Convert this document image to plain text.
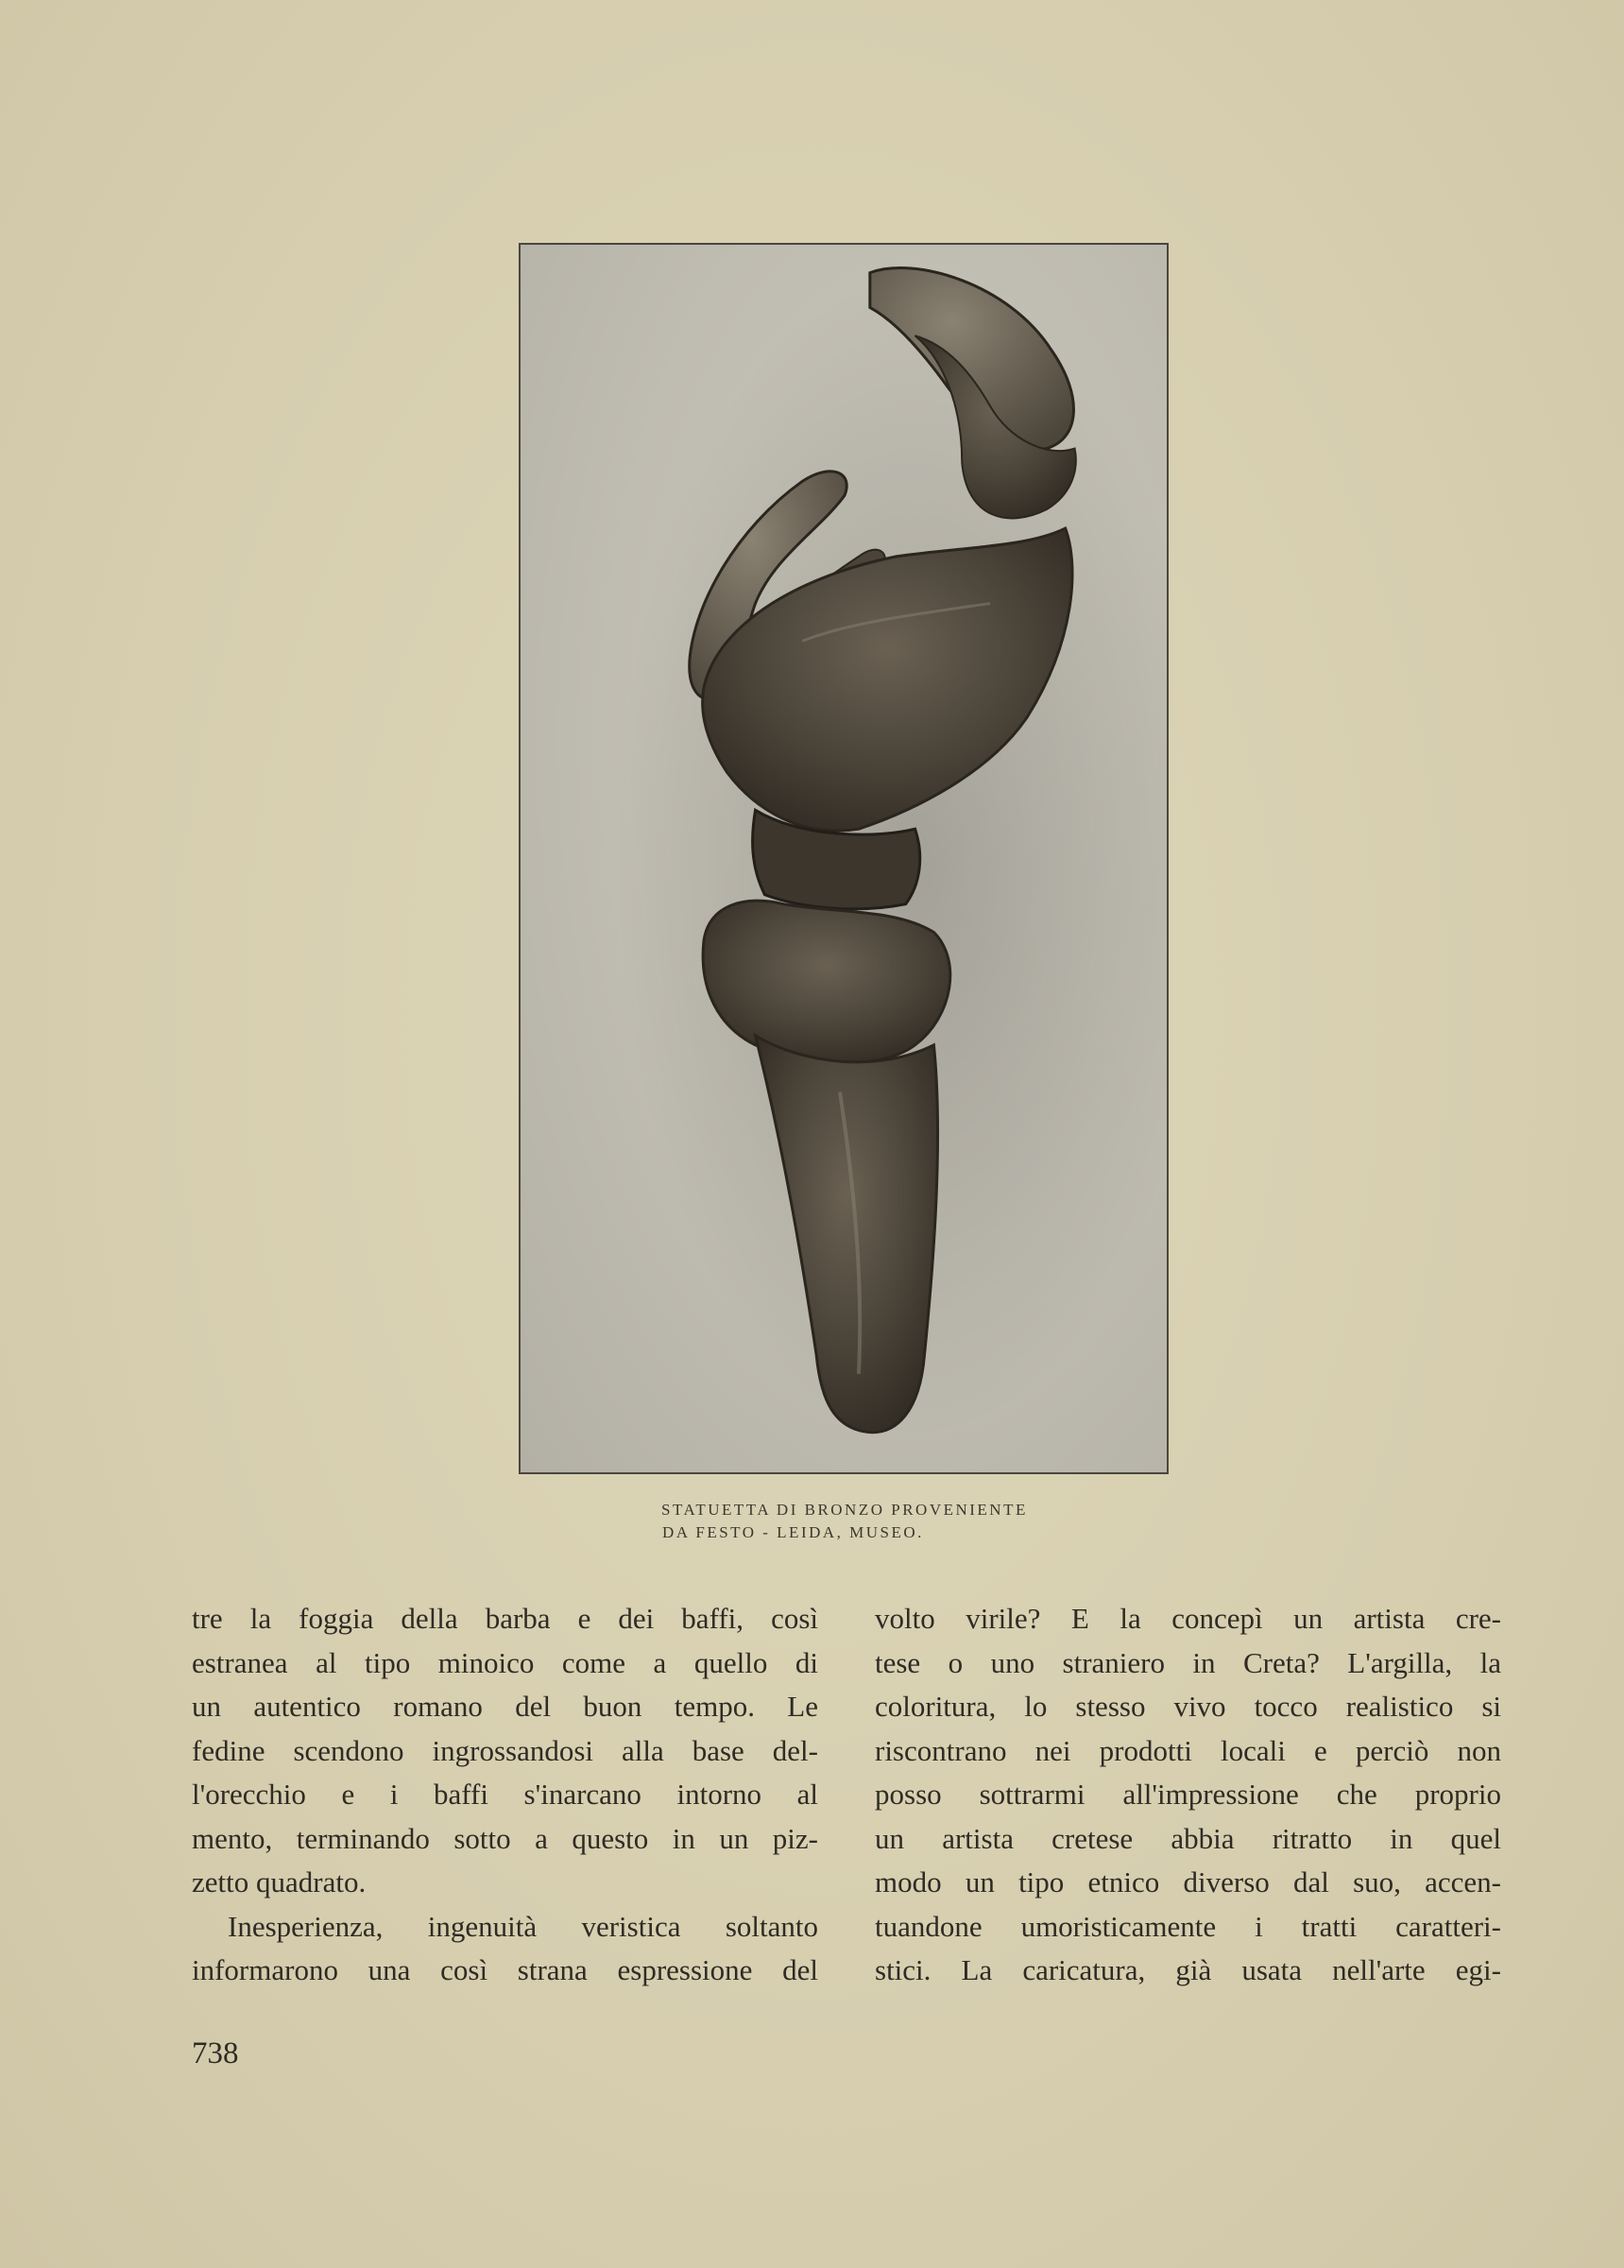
STATUETTA DI BRONZO PROVENIENTE
DA FESTO - LEIDA, MUSEO.
tre la foggia della barba e dei baffi, così
estranea al tipo minoico come a quello di
un autentico romano del buon tempo. Le
fedine scendono ingrossandosi alla base del-
l'orecchio e i baffi s'inarcano intorno al
mento, terminando sotto a questo in un piz-
zetto quadrato.
Inesperienza, ingenuità veristica soltanto
informarono una così strana espressione del
volto virile? E la concepì un artista cre-
tese o uno straniero in Creta? L'argilla, la
coloritura, lo stesso vivo tocco realistico si
riscontrano nei prodotti locali e perciò non
posso sottrarmi all'impressione che proprio
un artista cretese abbia ritratto in quel
modo un tipo etnico diverso dal suo, accen-
tuandone umoristicamente i tratti caratteri-
stici. La caricatura, già usata nell'arte egi-
738
